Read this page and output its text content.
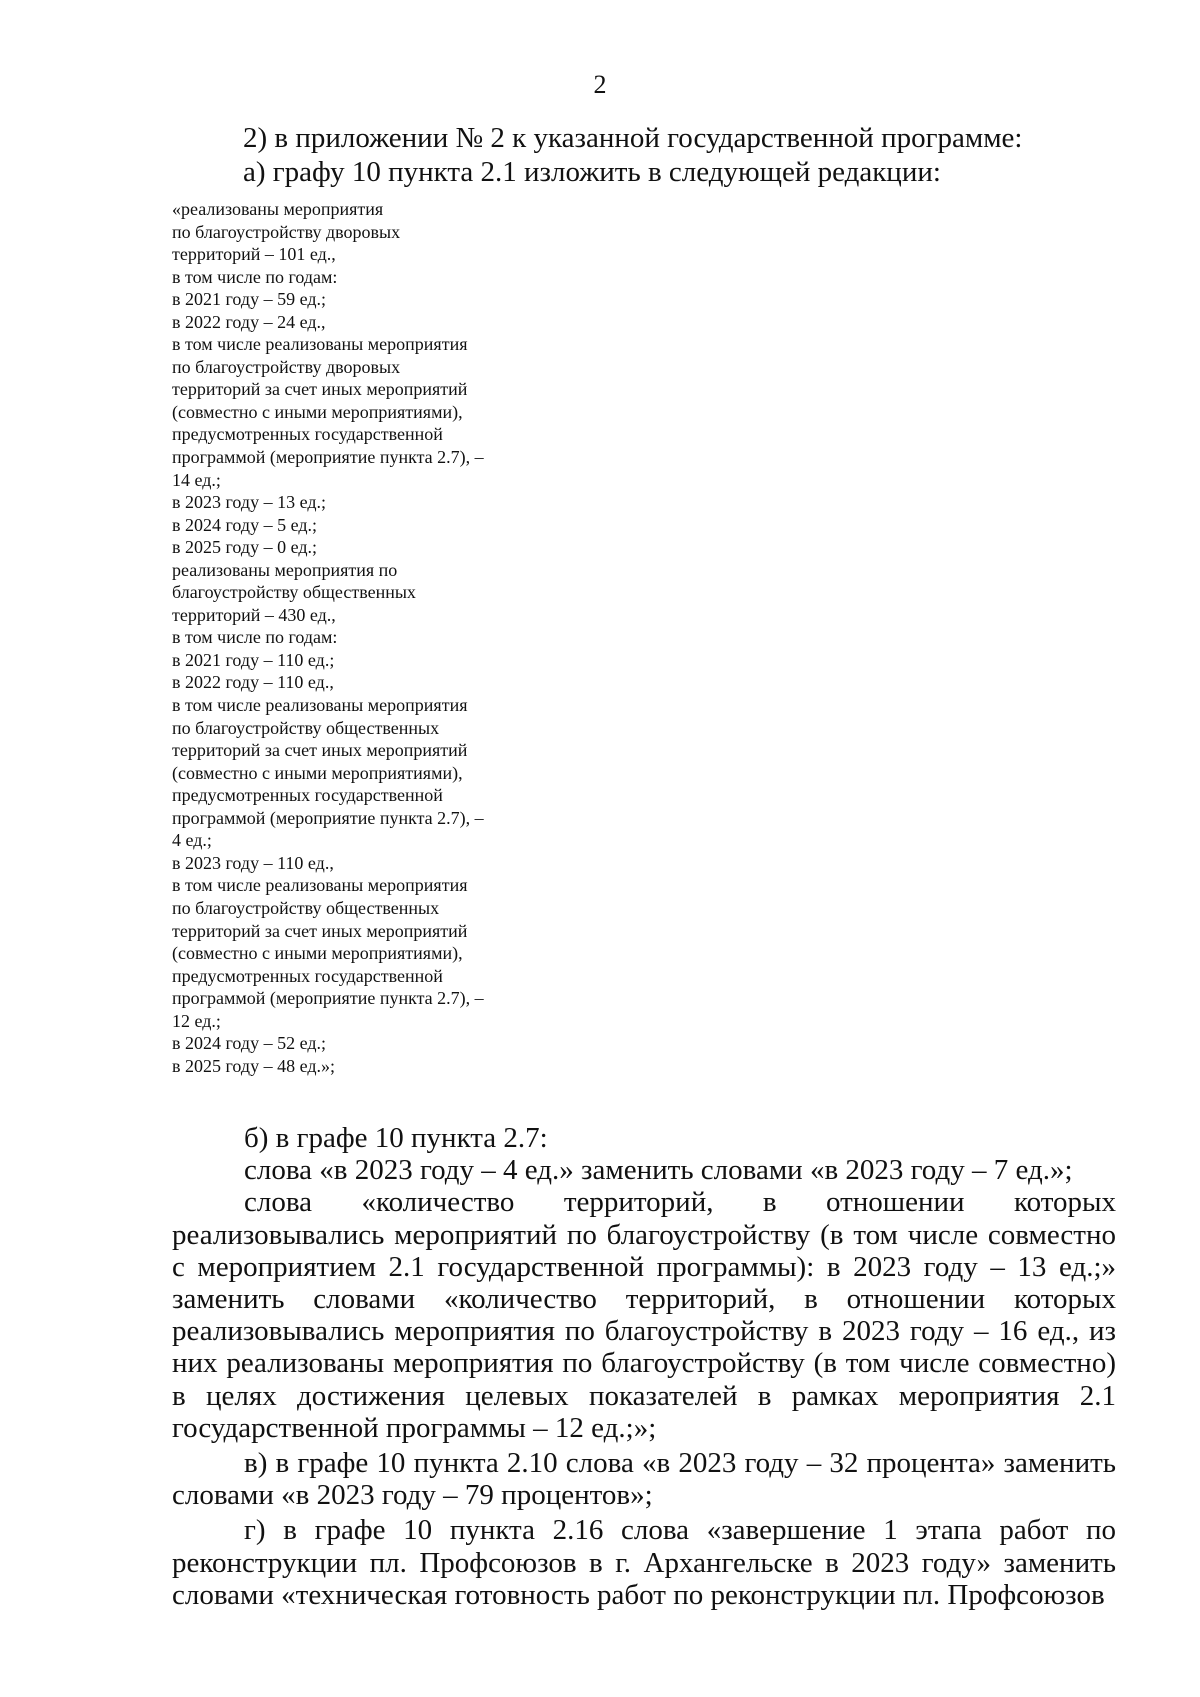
2
2) в приложении № 2 к указанной государственной программе:
а) графу 10 пункта 2.1 изложить в следующей редакции:
«реализованы мероприятия
по благоустройству дворовых
территорий – 101 ед.,
в том числе по годам:
в 2021 году – 59 ед.;
в 2022 году – 24 ед.,
в том числе реализованы мероприятия
по благоустройству дворовых
территорий за счет иных мероприятий
(совместно с иными мероприятиями),
предусмотренных государственной
программой (мероприятие пункта 2.7), –
14 ед.;
в 2023 году – 13 ед.;
в 2024 году – 5 ед.;
в 2025 году – 0 ед.;
реализованы мероприятия по
благоустройству общественных
территорий – 430 ед.,
в том числе по годам:
в 2021 году – 110 ед.;
в 2022 году – 110 ед.,
в том числе реализованы мероприятия
по благоустройству общественных
территорий за счет иных мероприятий
(совместно с иными мероприятиями),
предусмотренных государственной
программой (мероприятие пункта 2.7), –
4 ед.;
в 2023 году – 110 ед.,
в том числе реализованы мероприятия
по благоустройству общественных
территорий за счет иных мероприятий
(совместно с иными мероприятиями),
предусмотренных государственной
программой (мероприятие пункта 2.7), –
12 ед.;
в 2024 году – 52 ед.;
в 2025 году – 48 ед.»;

б) в графе 10 пункта 2.7:

слова «в 2023 году – 4 ед.» заменить словами «в 2023 году – 7 ед.»;

слова «количество территорий, в отношении которых реализовывались мероприятий по благоустройству (в том числе совместно с мероприятием 2.1 государственной программы): в 2023 году – 13 ед.;» заменить словами «количество территорий, в отношении которых реализовывались мероприятия по благоустройству в 2023 году – 16 ед., из них реализованы мероприятия по благоустройству (в том числе совместно) в целях достижения целевых показателей в рамках мероприятия 2.1 государственной программы – 12 ед.;»;

в) в графе 10 пункта 2.10 слова «в 2023 году – 32 процента» заменить словами «в 2023 году – 79 процентов»;

г) в графе 10 пункта 2.16 слова «завершение 1 этапа работ по реконструкции пл. Профсоюзов в г. Архангельске в 2023 году» заменить словами «техническая готовность работ по реконструкции пл. Профсоюзов
